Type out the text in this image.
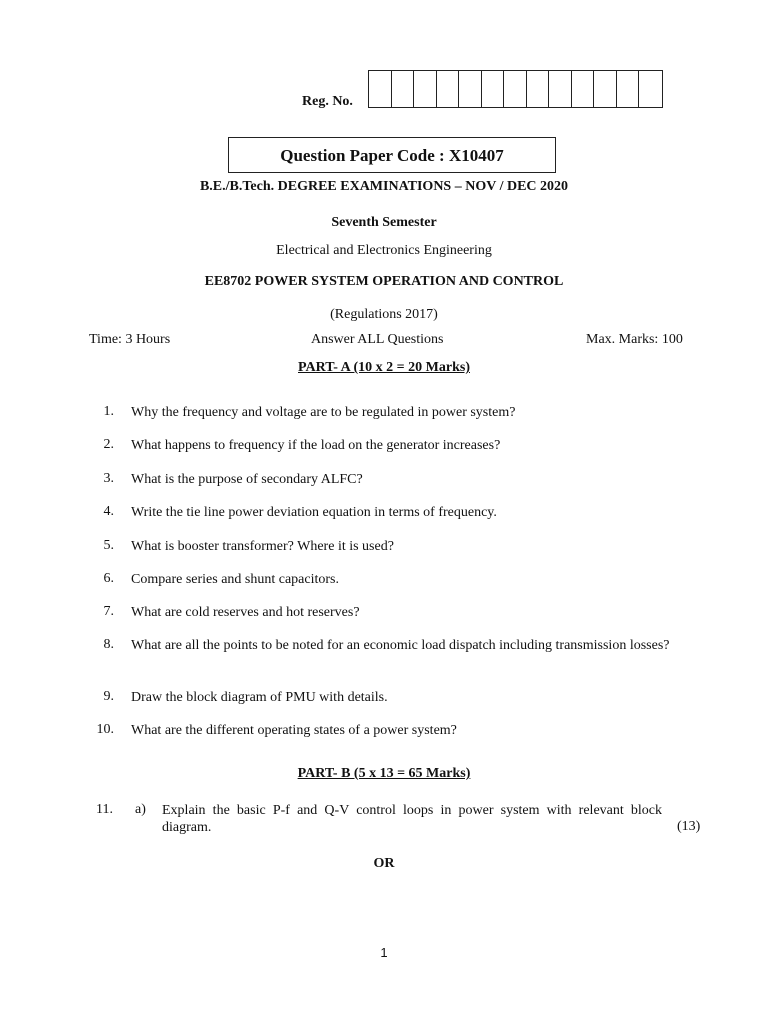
Reg. No.
Question Paper Code : X10407
B.E./B.Tech. DEGREE EXAMINATIONS – NOV / DEC 2020
Seventh Semester
Electrical and Electronics Engineering
EE8702 POWER SYSTEM OPERATION AND CONTROL
(Regulations 2017)
Time: 3 Hours	Answer ALL Questions	Max. Marks: 100
PART- A (10 x 2 = 20 Marks)
1. Why the frequency and voltage are to be regulated in power system?
2. What happens to frequency if the load on the generator increases?
3. What is the purpose of secondary ALFC?
4. Write the tie line power deviation equation in terms of frequency.
5. What is booster transformer? Where it is used?
6. Compare series and shunt capacitors.
7. What are cold reserves and hot reserves?
8. What are all the points to be noted for an economic load dispatch including transmission losses?
9. Draw the block diagram of PMU with details.
10. What are the different operating states of a power system?
PART- B (5 x 13 = 65 Marks)
11. a) Explain the basic P-f and Q-V control loops in power system with relevant block diagram.	(13)
OR
1
